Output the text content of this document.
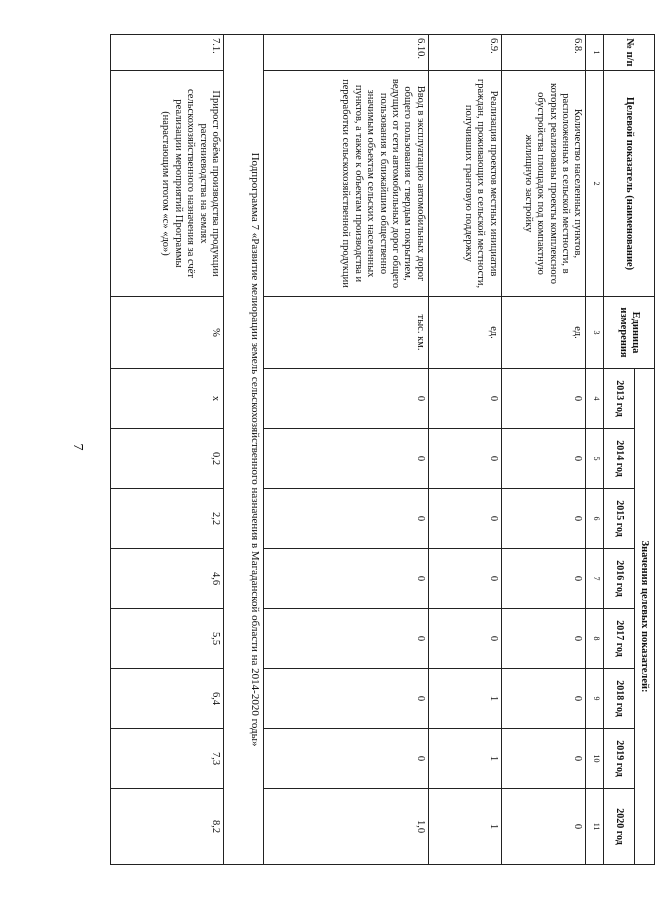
7
№ п/п	Целевой показатель (наименование)	Единица измерения	Значения целевых показателей:							
			2013 год	2014 год	2015 год	2016 год	2017 год	2018 год	2019 год	2020 год
1	2	3	4	5	6	7	8	9	10	11
6.8.	Количество населенных пунктов, расположенных в сельской местности, в которых реализованы проекты комплексного обустройства площадок под компактную жилищную застройку	ед.	0	0	0	0	0	0	0	0
6.9.	Реализация проектов местных инициатив граждан, проживающих в сельской местности, получивших грантовую поддержку	ед.	0	0	0	0	0	1	1	1
6.10.	Ввод в эксплуатацию автомобильных дорог общего пользования с твердым покрытием, ведущих от сети автомобильных дорог общего пользования к ближайшим общественно значимым объектам сельских населенных пунктов, а также к объектам производства и переработки сельскохозяйственной продукции	тыс. км.	0	0	0	0	0	0	0	1,0
Подпрограмма 7 «Развитие мелиорации земель сельскохозяйственного назначения в Магаданской области на 2014-2020 годы»										
7.1.	Прирост объёма производства продукции растениеводства на землях сельскохозяйственного назначения за счёт реализации мероприятий Программы (нарастающим итогом «с» «до»)	%	х	0,2	2,2	4,6	5,5	6,4	7,3	8,2
